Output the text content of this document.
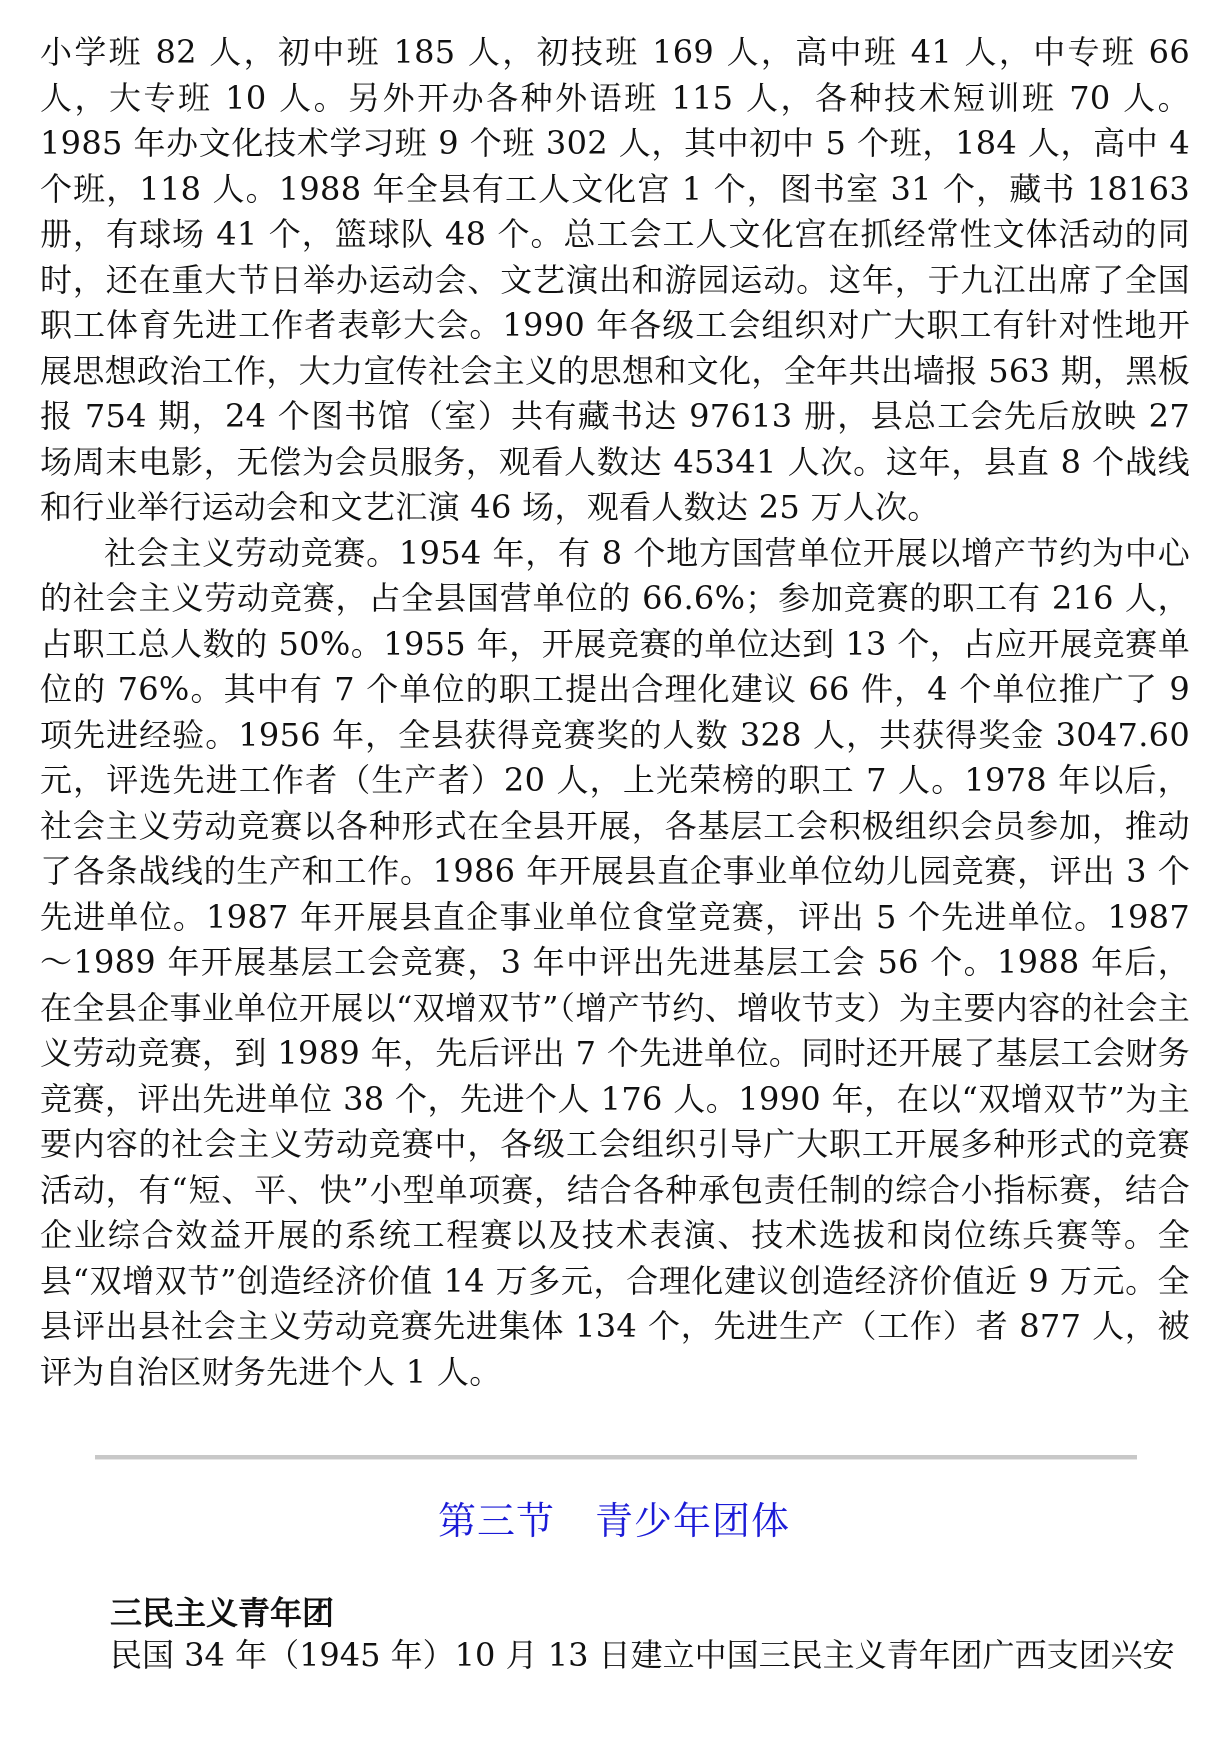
小学班 82 人，初中班 185 人，初技班 169 人，高中班 41 人，中专班 66 人，大专班 10 人。另外开办各种外语班 115 人，各种技术短训班 70 人。1985 年办文化技术学习班 9 个班 302 人，其中初中 5 个班，184 人，高中 4 个班，118 人。1988 年全县有工人文化宫 1 个，图书室 31 个，藏书 18163 册，有球场 41 个，篮球队 48 个。总工会工人文化宫在抓经常性文体活动的同时，还在重大节日举办运动会、文艺演出和游园运动。这年，于九江出席了全国职工体育先进工作者表彰大会。1990 年各级工会组织对广大职工有针对性地开展思想政治工作，大力宣传社会主义的思想和文化，全年共出墙报 563 期，黑板报 754 期，24 个图书馆（室）共有藏书达 97613 册，县总工会先后放映 27 场周末电影，无偿为会员服务，观看人数达 45341 人次。这年，县直 8 个战线和行业举行运动会和文艺汇演 46 场，观看人数达 25 万人次。

社会主义劳动竞赛。1954 年，有 8 个地方国营单位开展以增产节约为中心的社会主义劳动竞赛，占全县国营单位的 66.6%；参加竞赛的职工有 216 人，占职工总人数的 50%。1955 年，开展竞赛的单位达到 13 个，占应开展竞赛单位的 76%。其中有 7 个单位的职工提出合理化建议 66 件，4 个单位推广了 9 项先进经验。1956 年，全县获得竞赛奖的人数 328 人，共获得奖金 3047.60 元，评选先进工作者（生产者）20 人，上光荣榜的职工 7 人。1978 年以后，社会主义劳动竞赛以各种形式在全县开展，各基层工会积极组织会员参加，推动了各条战线的生产和工作。1986 年开展县直企事业单位幼儿园竞赛，评出 3 个先进单位。1987 年开展县直企事业单位食堂竞赛，评出 5 个先进单位。1987～1989 年开展基层工会竞赛，3 年中评出先进基层工会 56 个。1988 年后，在全县企事业单位开展以“双增双节”（增产节约、增收节支）为主要内容的社会主义劳动竞赛，到 1989 年，先后评出 7 个先进单位。同时还开展了基层工会财务竞赛，评出先进单位 38 个，先进个人 176 人。1990 年，在以“双增双节”为主要内容的社会主义劳动竞赛中，各级工会组织引导广大职工开展多种形式的竞赛活动，有“短、平、快”小型单项赛，结合各种承包责任制的综合小指标赛，结合企业综合效益开展的系统工程赛以及技术表演、技术选拔和岗位练兵赛等。全县“双增双节”创造经济价值 14 万多元，合理化建议创造经济价值近 9 万元。全县评出县社会主义劳动竞赛先进集体 134 个，先进生产（工作）者 877 人，被评为自治区财务先进个人 1 人。

第三节 青少年团体
三民主义青年团

民国 34 年（1945 年）10 月 13 日建立中国三民主义青年团广西支团兴安
